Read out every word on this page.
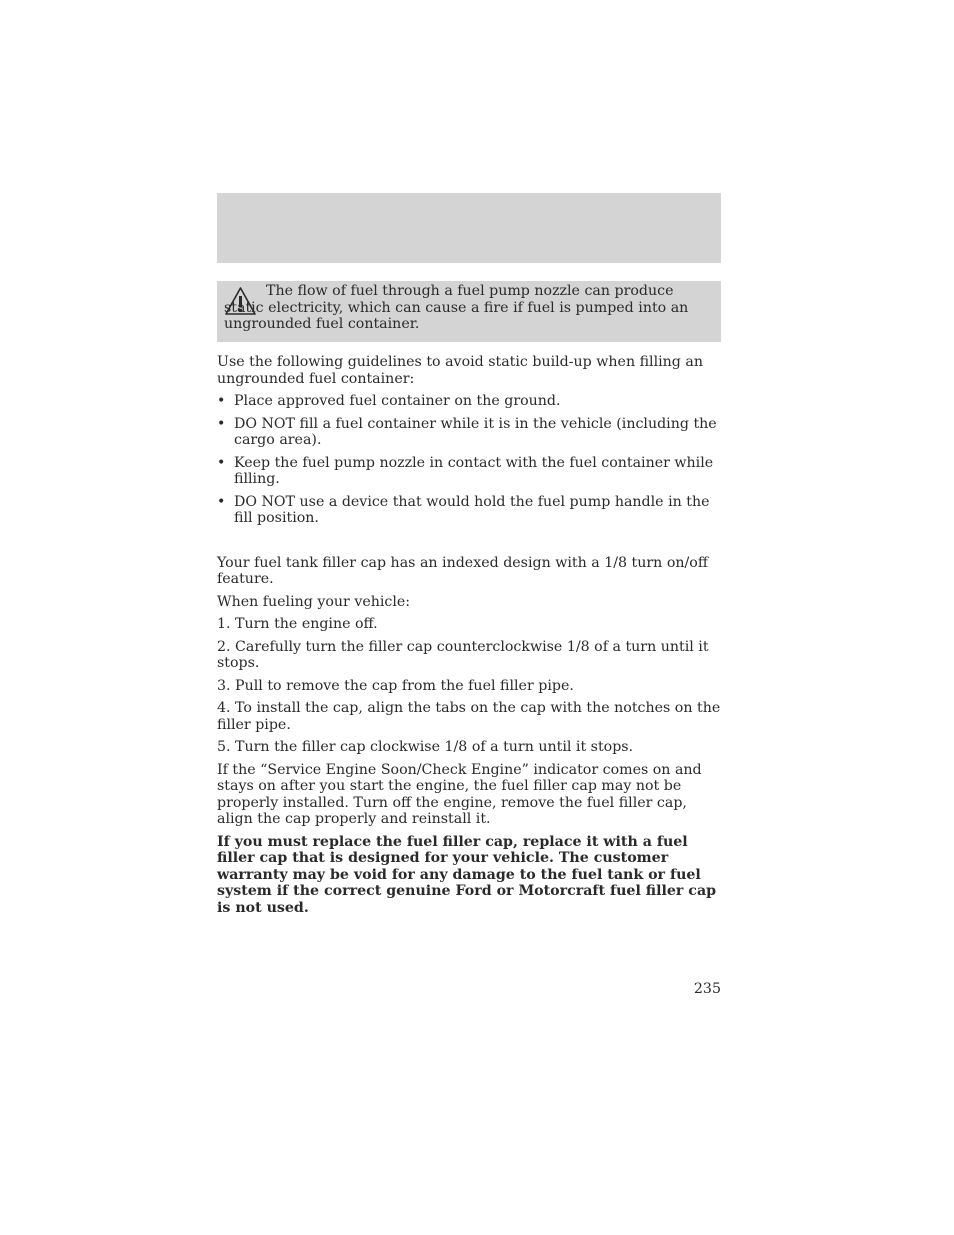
The flow of fuel through a fuel pump nozzle can produce static electricity, which can cause a fire if fuel is pumped into an ungrounded fuel container.

Use the following guidelines to avoid static build-up when filling an ungrounded fuel container:

• Place approved fuel container on the ground.
• DO NOT fill a fuel container while it is in the vehicle (including the cargo area).
• Keep the fuel pump nozzle in contact with the fuel container while filling.
• DO NOT use a device that would hold the fuel pump handle in the fill position.

Your fuel tank filler cap has an indexed design with a 1/8 turn on/off feature.

When fueling your vehicle:

1. Turn the engine off.

2. Carefully turn the filler cap counterclockwise 1/8 of a turn until it stops.

3. Pull to remove the cap from the fuel filler pipe.

4. To install the cap, align the tabs on the cap with the notches on the filler pipe.

5. Turn the filler cap clockwise 1/8 of a turn until it stops.

If the “Service Engine Soon/Check Engine” indicator comes on and stays on after you start the engine, the fuel filler cap may not be properly installed. Turn off the engine, remove the fuel filler cap, align the cap properly and reinstall it.

If you must replace the fuel filler cap, replace it with a fuel filler cap that is designed for your vehicle. The customer warranty may be void for any damage to the fuel tank or fuel system if the correct genuine Ford or Motorcraft fuel filler cap is not used.

235
